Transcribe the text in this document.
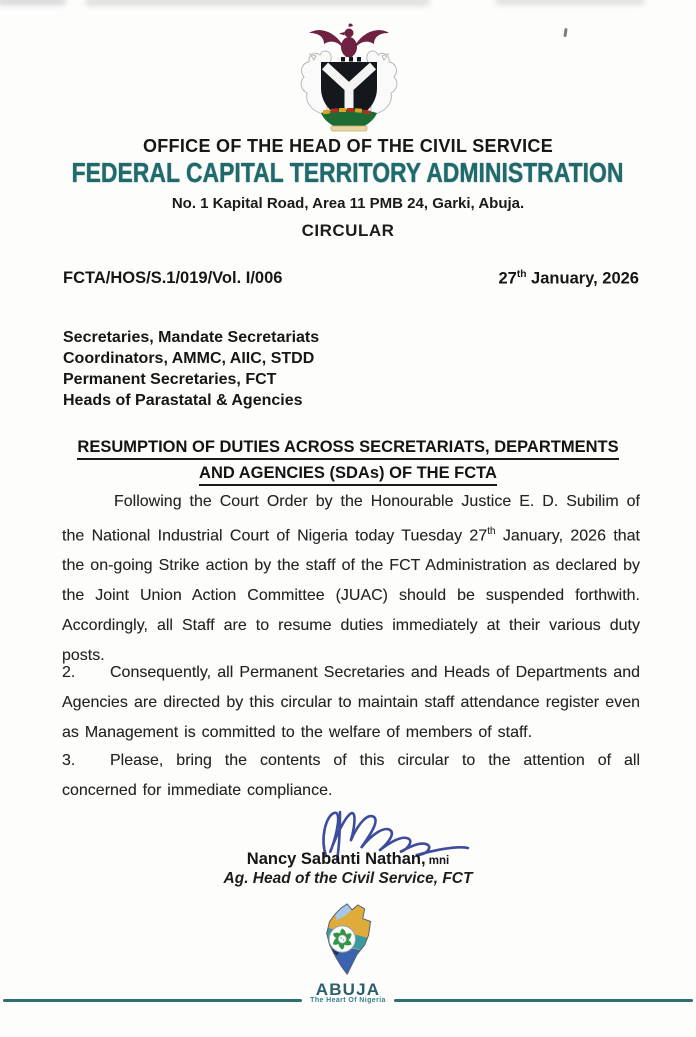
OFFICE OF THE HEAD OF THE CIVIL SERVICE
FEDERAL CAPITAL TERRITORY ADMINISTRATION
No. 1 Kapital Road, Area 11 PMB 24, Garki, Abuja.
CIRCULAR
FCTA/HOS/S.1/019/Vol. I/006	27th January, 2026
Secretaries, Mandate Secretariats
Coordinators, AMMC, AIIC, STDD
Permanent Secretaries, FCT
Heads of Parastatal & Agencies
RESUMPTION OF DUTIES ACROSS SECRETARIATS, DEPARTMENTS
AND AGENCIES (SDAs) OF THE FCTA
Following the Court Order by the Honourable Justice E. D. Subilim of the National Industrial Court of Nigeria today Tuesday 27th January, 2026 that the on-going Strike action by the staff of the FCT Administration as declared by the Joint Union Action Committee (JUAC) should be suspended forthwith. Accordingly, all Staff are to resume duties immediately at their various duty posts.
2. Consequently, all Permanent Secretaries and Heads of Departments and Agencies are directed by this circular to maintain staff attendance register even as Management is committed to the welfare of members of staff.
3. Please, bring the contents of this circular to the attention of all concerned for immediate compliance.
Nancy Sabanti Nathan, mni
Ag. Head of the Civil Service, FCT
ABUJA
The Heart Of Nigeria
